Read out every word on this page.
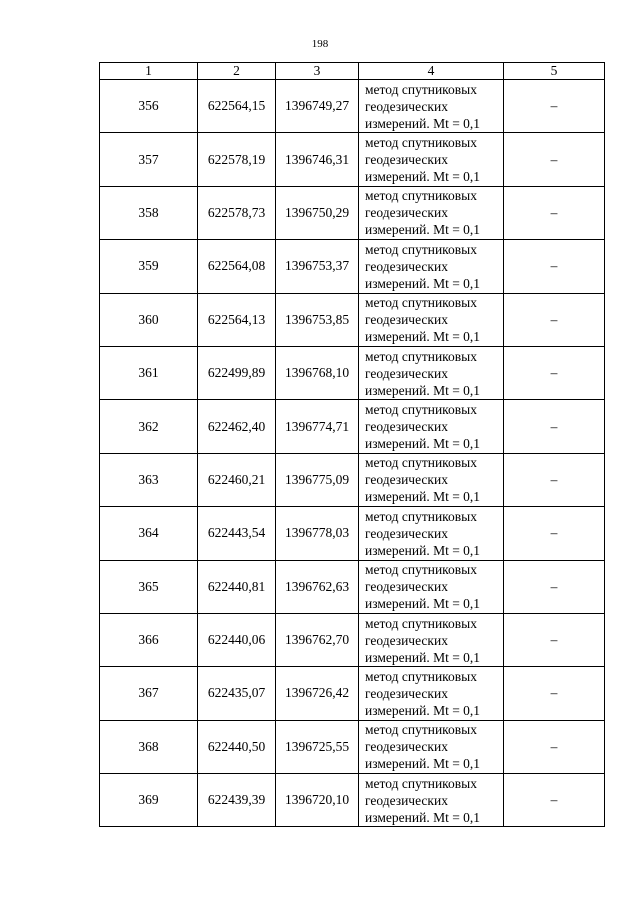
198
1	2	3	4	5
356	622564,15	1396749,27	метод спутниковых
геодезических
измерений. Mt = 0,1	–
357	622578,19	1396746,31	метод спутниковых
геодезических
измерений. Mt = 0,1	–
358	622578,73	1396750,29	метод спутниковых
геодезических
измерений. Mt = 0,1	–
359	622564,08	1396753,37	метод спутниковых
геодезических
измерений. Mt = 0,1	–
360	622564,13	1396753,85	метод спутниковых
геодезических
измерений. Mt = 0,1	–
361	622499,89	1396768,10	метод спутниковых
геодезических
измерений. Mt = 0,1	–
362	622462,40	1396774,71	метод спутниковых
геодезических
измерений. Mt = 0,1	–
363	622460,21	1396775,09	метод спутниковых
геодезических
измерений. Mt = 0,1	–
364	622443,54	1396778,03	метод спутниковых
геодезических
измерений. Mt = 0,1	–
365	622440,81	1396762,63	метод спутниковых
геодезических
измерений. Mt = 0,1	–
366	622440,06	1396762,70	метод спутниковых
геодезических
измерений. Mt = 0,1	–
367	622435,07	1396726,42	метод спутниковых
геодезических
измерений. Mt = 0,1	–
368	622440,50	1396725,55	метод спутниковых
геодезических
измерений. Mt = 0,1	–
369	622439,39	1396720,10	метод спутниковых
геодезических
измерений. Mt = 0,1	–
